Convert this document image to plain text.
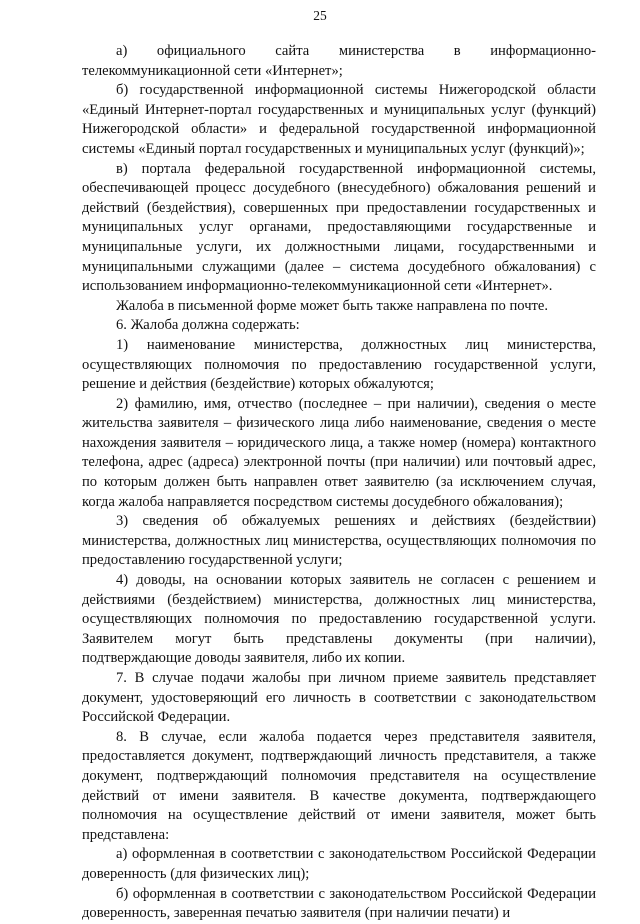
25

а) официального сайта министерства в информационно-телекоммуникационной сети «Интернет»;

б) государственной информационной системы Нижегородской области «Единый Интернет-портал государственных и муниципальных услуг (функций) Нижегородской области» и федеральной государственной информационной системы «Единый портал государственных и муниципальных услуг (функций)»;

в) портала федеральной государственной информационной системы, обеспечивающей процесс досудебного (внесудебного) обжалования решений и действий (бездействия), совершенных при предоставлении государственных и муниципальных услуг органами, предоставляющими государственные и муниципальные услуги, их должностными лицами, государственными и муниципальными служащими (далее – система досудебного обжалования) с использованием информационно-телекоммуникационной сети «Интернет».

Жалоба в письменной форме может быть также направлена по почте.

6. Жалоба должна содержать:

1) наименование министерства, должностных лиц министерства, осуществляющих полномочия по предоставлению государственной услуги, решение и действия (бездействие) которых обжалуются;

2) фамилию, имя, отчество (последнее – при наличии), сведения о месте жительства заявителя – физического лица либо наименование, сведения о месте нахождения заявителя – юридического лица, а также номер (номера) контактного телефона, адрес (адреса) электронной почты (при наличии) или почтовый адрес, по которым должен быть направлен ответ заявителю (за исключением случая, когда жалоба направляется посредством системы досудебного обжалования);

3) сведения об обжалуемых решениях и действиях (бездействии) министерства, должностных лиц министерства, осуществляющих полномочия по предоставлению государственной услуги;

4) доводы, на основании которых заявитель не согласен с решением и действиями (бездействием) министерства, должностных лиц министерства, осуществляющих полномочия по предоставлению государственной услуги. Заявителем могут быть представлены документы (при наличии), подтверждающие доводы заявителя, либо их копии.

7. В случае подачи жалобы при личном приеме заявитель представляет документ, удостоверяющий его личность в соответствии с законодательством Российской Федерации.

8. В случае, если жалоба подается через представителя заявителя, предоставляется документ, подтверждающий личность представителя, а также документ, подтверждающий полномочия представителя на осуществление действий от имени заявителя. В качестве документа, подтверждающего полномочия на осуществление действий от имени заявителя, может быть представлена:

а) оформленная в соответствии с законодательством Российской Федерации доверенность (для физических лиц);

б) оформленная в соответствии с законодательством Российской Федерации доверенность, заверенная печатью заявителя (при наличии печати) и
